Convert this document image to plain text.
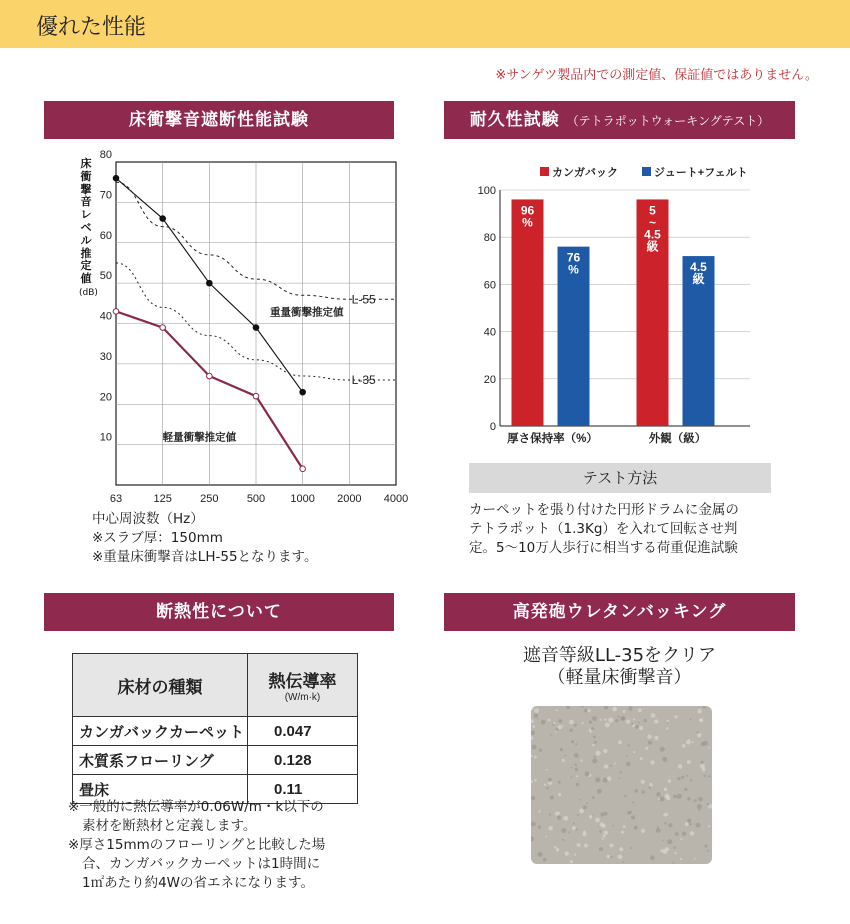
優れた性能
※サンゲツ製品内での測定値、保証値ではありません。
床衝撃音遮断性能試験
床衝撃音レベル推定値
(dB)
63	125	250	500 1000 2000 4000
10
20
30
40
50
60
70
80
重量衝撃推定値
軽量衝撃推定値
L-55
L-35
中心周波数（Hz）
※スラブ厚：150mm
※重量床衝撃音はLH-55となります。
耐久性試験 （テトラポットウォーキングテスト）
カンガバック	ジュート+フェルト
0
20
40
60
80
100
厚さ保持率（%）
96
%
76
%
外観（級）
5
~
4.5
級
4.5
級
テスト方法
カーペットを張り付けた円形ドラムに金属の
テトラポット（1.3Kg）を入れて回転させ判
定。5～10万人歩行に相当する荷重促進試験
断熱性について
床材の種類	熱伝導率
(W/m·k)

カンガバックカーペット	0.047
木質系フローリング	0.128
畳床	0.11
※一般的に熱伝導率が0.06W/m・k以下の
素材を断熱材と定義します。
※厚さ15mmのフローリングと比較した場
合、カンガバックカーペットは1時間に
1㎡あたり約4Wの省エネになります。
高発砲ウレタンバッキング
遮音等級LL-35をクリア
（軽量床衝撃音）
